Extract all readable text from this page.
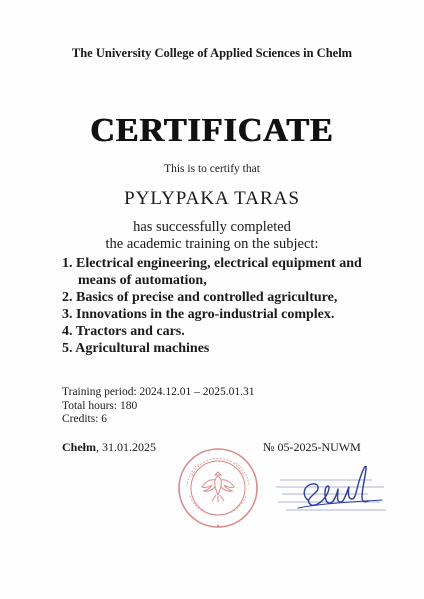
The University College of Applied Sciences in Chelm
CERTIFICATE
This is to certify that
PYLYPAKA TARAS
has successfully completed
the academic training on the subject:
1. Electrical engineering, electrical equipment and
means of automation,
2. Basics of precise and controlled agriculture,
3. Innovations in the agro-industrial complex.
4. Tractors and cars.
5. Agricultural machines
Training period: 2024.12.01 – 2025.01.31
Total hours: 180
Credits: 6
Chełm, 31.01.2025	№ 05-2025-NUWM
